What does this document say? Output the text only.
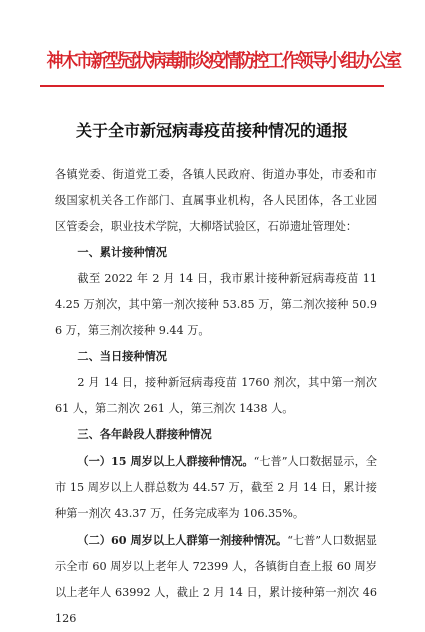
神木市新型冠状病毒肺炎疫情防控工作领导小组办公室
关于全市新冠病毒疫苗接种情况的通报

各镇党委、街道党工委，各镇人民政府、街道办事处，市委和市级国家机关各工作部门、直属事业机构，各人民团体，各工业园区管委会，职业技术学院，大柳塔试验区，石峁遗址管理处：

一、累计接种情况

截至 2022 年 2 月 14 日，我市累计接种新冠病毒疫苗 114.25 万剂次，其中第一剂次接种 53.85 万，第二剂次接种 50.96 万，第三剂次接种 9.44 万。

二、当日接种情况

2 月 14 日，接种新冠病毒疫苗 1760 剂次，其中第一剂次 61 人，第二剂次 261 人，第三剂次 1438 人。

三、各年龄段人群接种情况

（一）15 周岁以上人群接种情况。“七普”人口数据显示，全市 15 周岁以上人群总数为 44.57 万，截至 2 月 14 日，累计接种第一剂次 43.37 万，任务完成率为 106.35%。

（二）60 周岁以上人群第一剂接种情况。“七普”人口数据显示全市 60 周岁以上老年人 72399 人，各镇街自查上报 60 周岁以上老年人 63992 人，截止 2 月 14 日，累计接种第一剂次 46126
